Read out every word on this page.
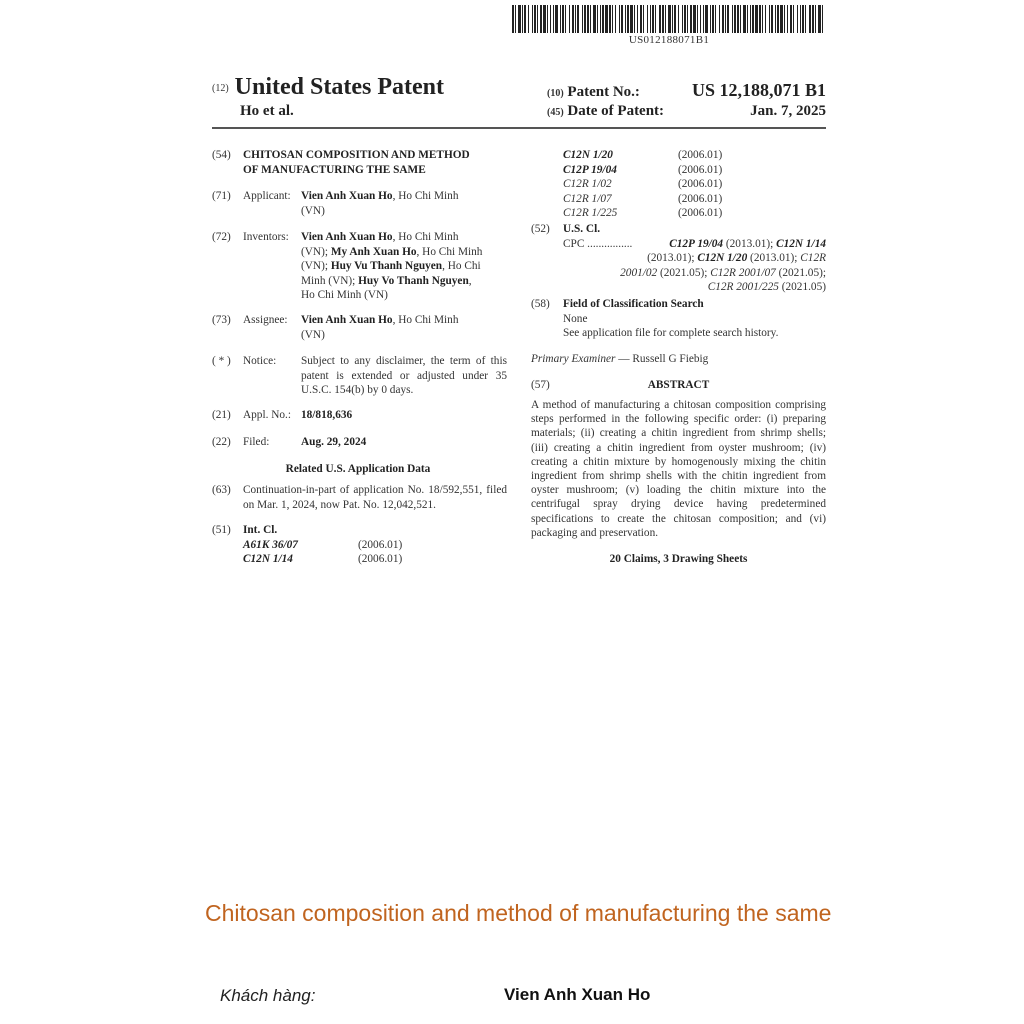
US012188071B1
(12) United States Patent
Ho et al.
(10) Patent No.:	US 12,188,071 B1
(45) Date of Patent:	Jan. 7, 2025
(54)	CHITOSAN COMPOSITION AND METHOD
OF MANUFACTURING THE SAME
(71)	Applicant: Vien Anh Xuan Ho, Ho Chi Minh
(VN)
(72)	Inventors:	Vien Anh Xuan Ho, Ho Chi Minh
(VN); My Anh Xuan Ho, Ho Chi Minh
(VN); Huy Vu Thanh Nguyen, Ho Chi
Minh (VN); Huy Vo Thanh Nguyen,
Ho Chi Minh (VN)
(73)	Assignee:	Vien Anh Xuan Ho, Ho Chi Minh
(VN)
( * )	Notice:	Subject to any disclaimer, the term of this patent is extended or adjusted under 35 U.S.C. 154(b) by 0 days.
(21)	Appl. No.: 18/818,636
(22)	Filed:	Aug. 29, 2024
Related U.S. Application Data
(63)	Continuation-in-part of application No. 18/592,551, filed on Mar. 1, 2024, now Pat. No. 12,042,521.
(51)	Int. Cl.
A61K 36/07	(2006.01)
C12N 1/14	(2006.01)
C12N 1/20	(2006.01)
C12P 19/04	(2006.01)
C12R 1/02	(2006.01)
C12R 1/07	(2006.01)
C12R 1/225	(2006.01)
(52)	U.S. Cl.
CPC ................	C12P 19/04 (2013.01); C12N 1/14
(2013.01); C12N 1/20 (2013.01); C12R
2001/02 (2021.05); C12R 2001/07 (2021.05);
C12R 2001/225 (2021.05)
(58)	Field of Classification Search
None
See application file for complete search history.
Primary Examiner — Russell G Fiebig
(57)	ABSTRACT
A method of manufacturing a chitosan composition comprising steps performed in the following specific order: (i) preparing materials; (ii) creating a chitin ingredient from shrimp shells; (iii) creating a chitin ingredient from oyster mushroom; (iv) creating a chitin mixture by homogenously mixing the chitin ingredient from shrimp shells with the chitin ingredient from oyster mushroom; (v) loading the chitin mixture into the centrifugal spray drying device having predetermined specifications to create the chitosan composition; and (vi) packaging and preservation.
20 Claims, 3 Drawing Sheets
Chitosan composition and method of manufacturing the same
Khách hàng:	Vien Anh Xuan Ho
